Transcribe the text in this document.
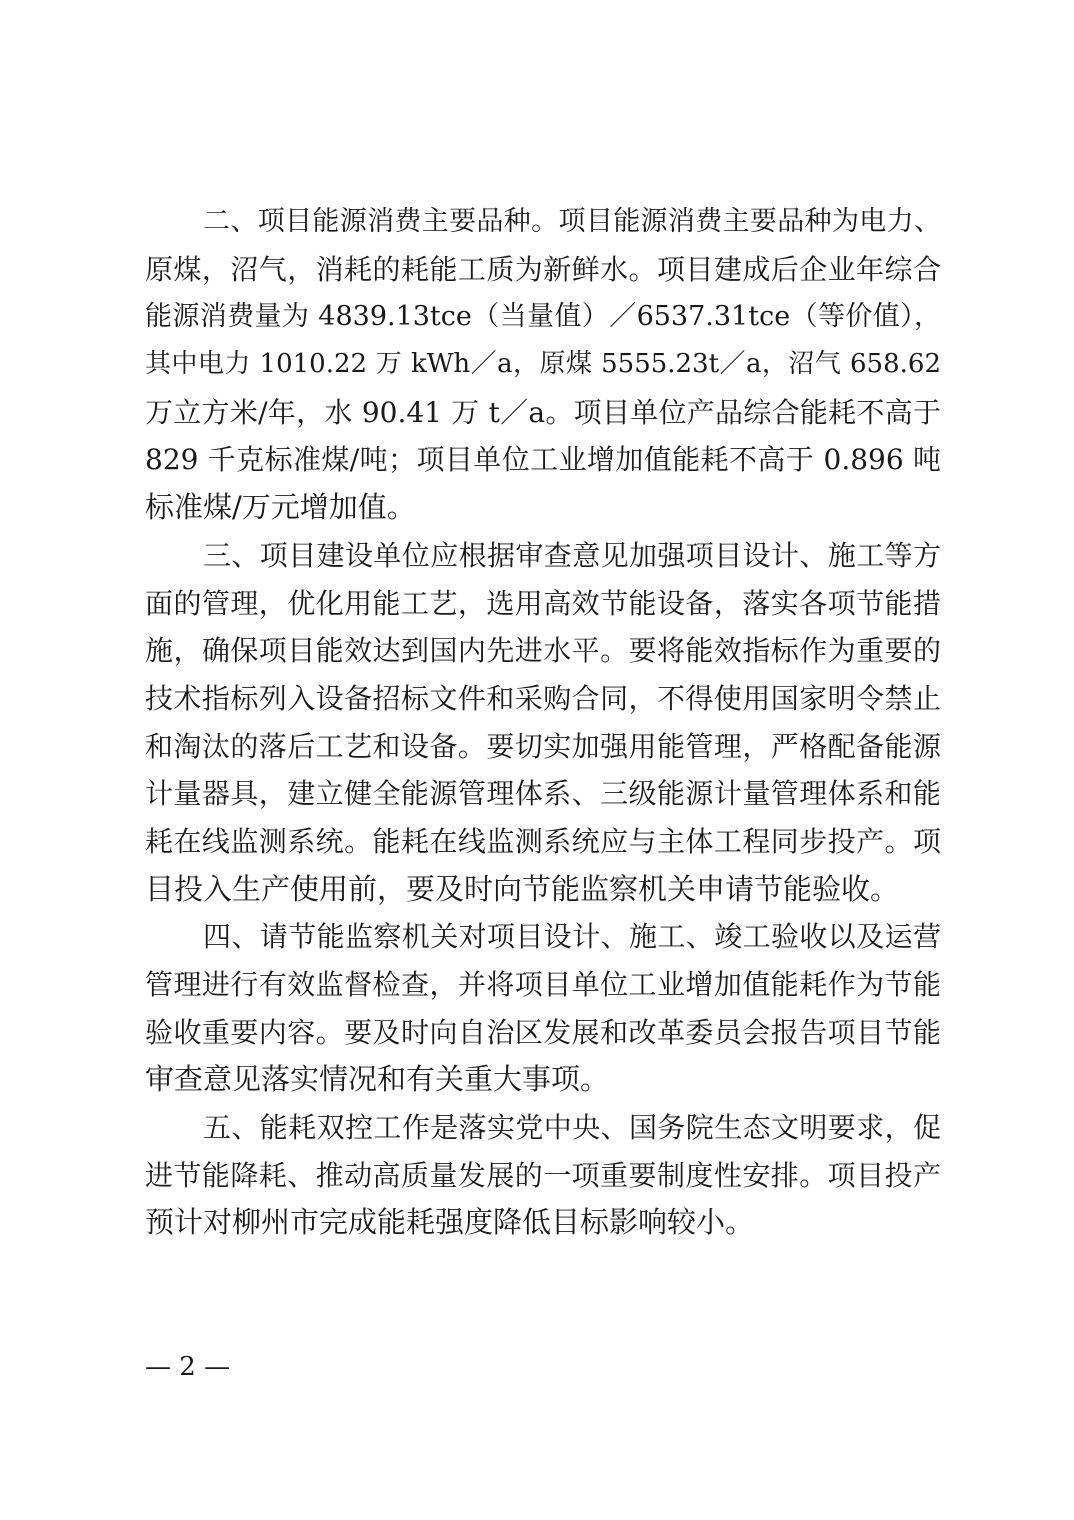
二、项目能源消费主要品种。项目能源消费主要品种为电力、
原煤，沼气，消耗的耗能工质为新鲜水。项目建成后企业年综合
能源消费量为 4839.13tce（当量值）／6537.31tce（等价值），
其中电力 1010.22 万 kWh／a，原煤 5555.23t／a，沼气 658.62
万立方米/年，水 90.41 万 t／a。项目单位产品综合能耗不高于
829 千克标准煤/吨；项目单位工业增加值能耗不高于 0.896 吨
标准煤/万元增加值。
三、项目建设单位应根据审查意见加强项目设计、施工等方
面的管理，优化用能工艺，选用高效节能设备，落实各项节能措
施，确保项目能效达到国内先进水平。要将能效指标作为重要的
技术指标列入设备招标文件和采购合同，不得使用国家明令禁止
和淘汰的落后工艺和设备。要切实加强用能管理，严格配备能源
计量器具，建立健全能源管理体系、三级能源计量管理体系和能
耗在线监测系统。能耗在线监测系统应与主体工程同步投产。项
目投入生产使用前，要及时向节能监察机关申请节能验收。
四、请节能监察机关对项目设计、施工、竣工验收以及运营
管理进行有效监督检查，并将项目单位工业增加值能耗作为节能
验收重要内容。要及时向自治区发展和改革委员会报告项目节能
审查意见落实情况和有关重大事项。
五、能耗双控工作是落实党中央、国务院生态文明要求，促
进节能降耗、推动高质量发展的一项重要制度性安排。项目投产
预计对柳州市完成能耗强度降低目标影响较小。
— 2 —
